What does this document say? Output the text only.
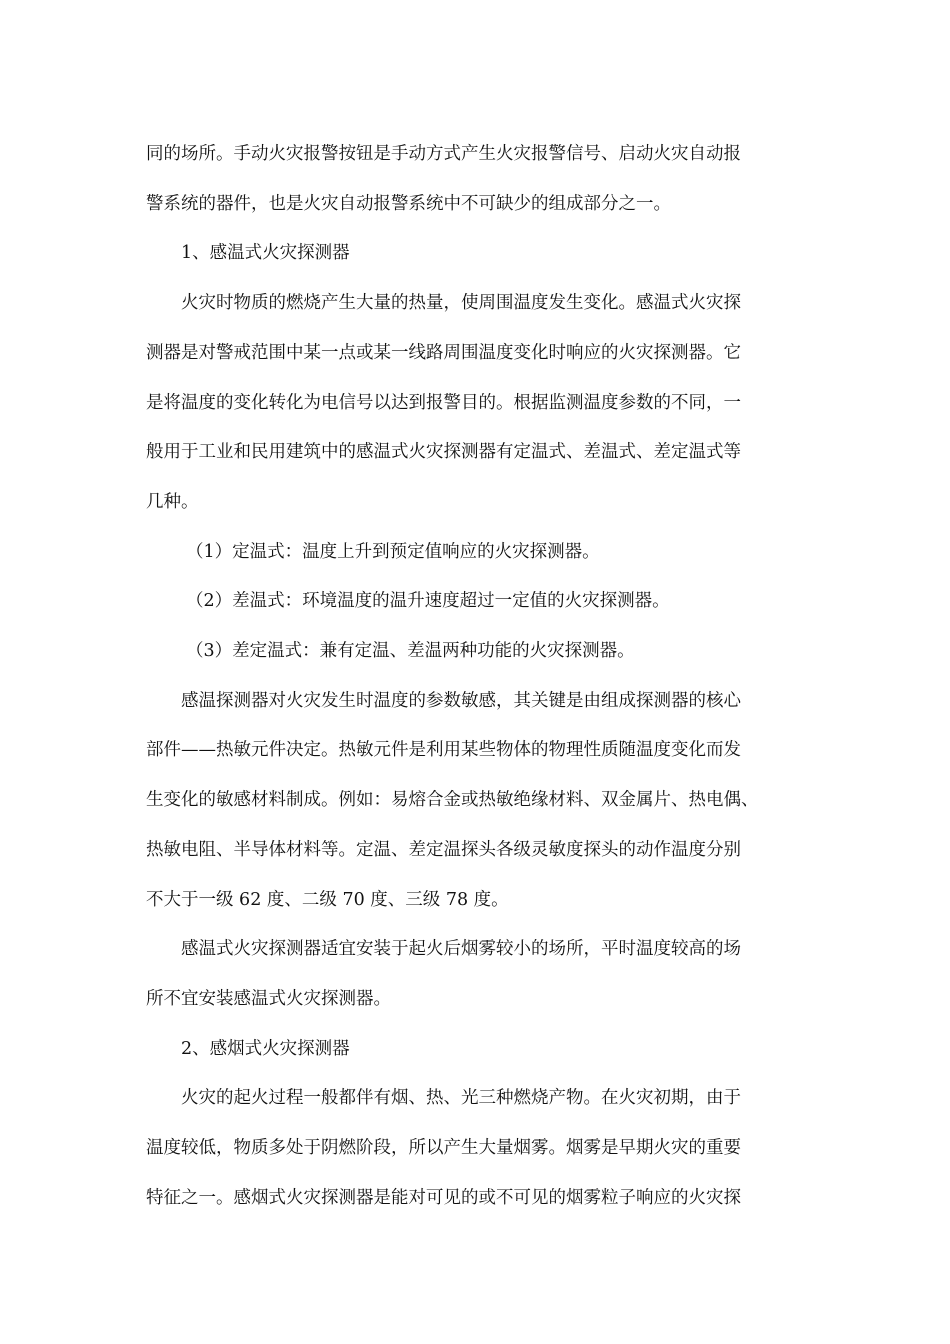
同的场所。手动火灾报警按钮是手动方式产生火灾报警信号、启动火灾自动报
警系统的器件，也是火灾自动报警系统中不可缺少的组成部分之一。
1、感温式火灾探测器
火灾时物质的燃烧产生大量的热量，使周围温度发生变化。感温式火灾探
测器是对警戒范围中某一点或某一线路周围温度变化时响应的火灾探测器。它
是将温度的变化转化为电信号以达到报警目的。根据监测温度参数的不同，一
般用于工业和民用建筑中的感温式火灾探测器有定温式、差温式、差定温式等
几种。
（1）定温式：温度上升到预定值响应的火灾探测器。
（2）差温式：环境温度的温升速度超过一定值的火灾探测器。
（3）差定温式：兼有定温、差温两种功能的火灾探测器。
感温探测器对火灾发生时温度的参数敏感，其关键是由组成探测器的核心
部件——热敏元件决定。热敏元件是利用某些物体的物理性质随温度变化而发
生变化的敏感材料制成。例如：易熔合金或热敏绝缘材料、双金属片、热电偶、
热敏电阻、半导体材料等。定温、差定温探头各级灵敏度探头的动作温度分别
不大于一级 62 度、二级 70 度、三级 78 度。
感温式火灾探测器适宜安装于起火后烟雾较小的场所，平时温度较高的场
所不宜安装感温式火灾探测器。
2、感烟式火灾探测器
火灾的起火过程一般都伴有烟、热、光三种燃烧产物。在火灾初期，由于
温度较低，物质多处于阴燃阶段，所以产生大量烟雾。烟雾是早期火灾的重要
特征之一。感烟式火灾探测器是能对可见的或不可见的烟雾粒子响应的火灾探
